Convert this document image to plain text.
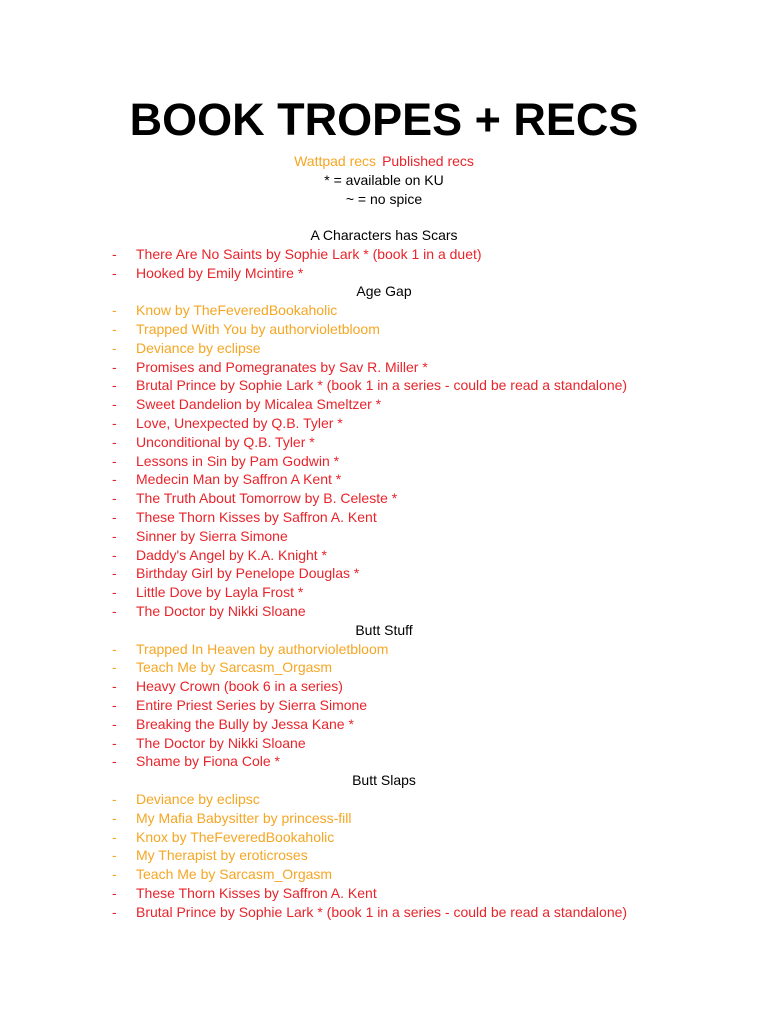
BOOK TROPES + RECS
Wattpad recs Published recs
* = available on KU
~ = no spice
A Characters has Scars
- There Are No Saints by Sophie Lark * (book 1 in a duet)
- Hooked by Emily Mcintire *
Age Gap
- Know by TheFeveredBookaholic
- Trapped With You by authorvioletbloom
- Deviance by eclipse
- Promises and Pomegranates by Sav R. Miller *
- Brutal Prince by Sophie Lark * (book 1 in a series - could be read a standalone)
- Sweet Dandelion by Micalea Smeltzer *
- Love, Unexpected by Q.B. Tyler *
- Unconditional by Q.B. Tyler *
- Lessons in Sin by Pam Godwin *
- Medecin Man by Saffron A Kent *
- The Truth About Tomorrow by B. Celeste *
- These Thorn Kisses by Saffron A. Kent
- Sinner by Sierra Simone
- Daddy's Angel by K.A. Knight *
- Birthday Girl by Penelope Douglas *
- Little Dove by Layla Frost *
- The Doctor by Nikki Sloane
Butt Stuff
- Trapped In Heaven by authorvioletbloom
- Teach Me by Sarcasm_Orgasm
- Heavy Crown (book 6 in a series)
- Entire Priest Series by Sierra Simone
- Breaking the Bully by Jessa Kane *
- The Doctor by Nikki Sloane
- Shame by Fiona Cole *
Butt Slaps
- Deviance by eclipsc
- My Mafia Babysitter by princess-fill
- Knox by TheFeveredBookaholic
- My Therapist by eroticroses
- Teach Me by Sarcasm_Orgasm
- These Thorn Kisses by Saffron A. Kent
- Brutal Prince by Sophie Lark * (book 1 in a series - could be read a standalone)
